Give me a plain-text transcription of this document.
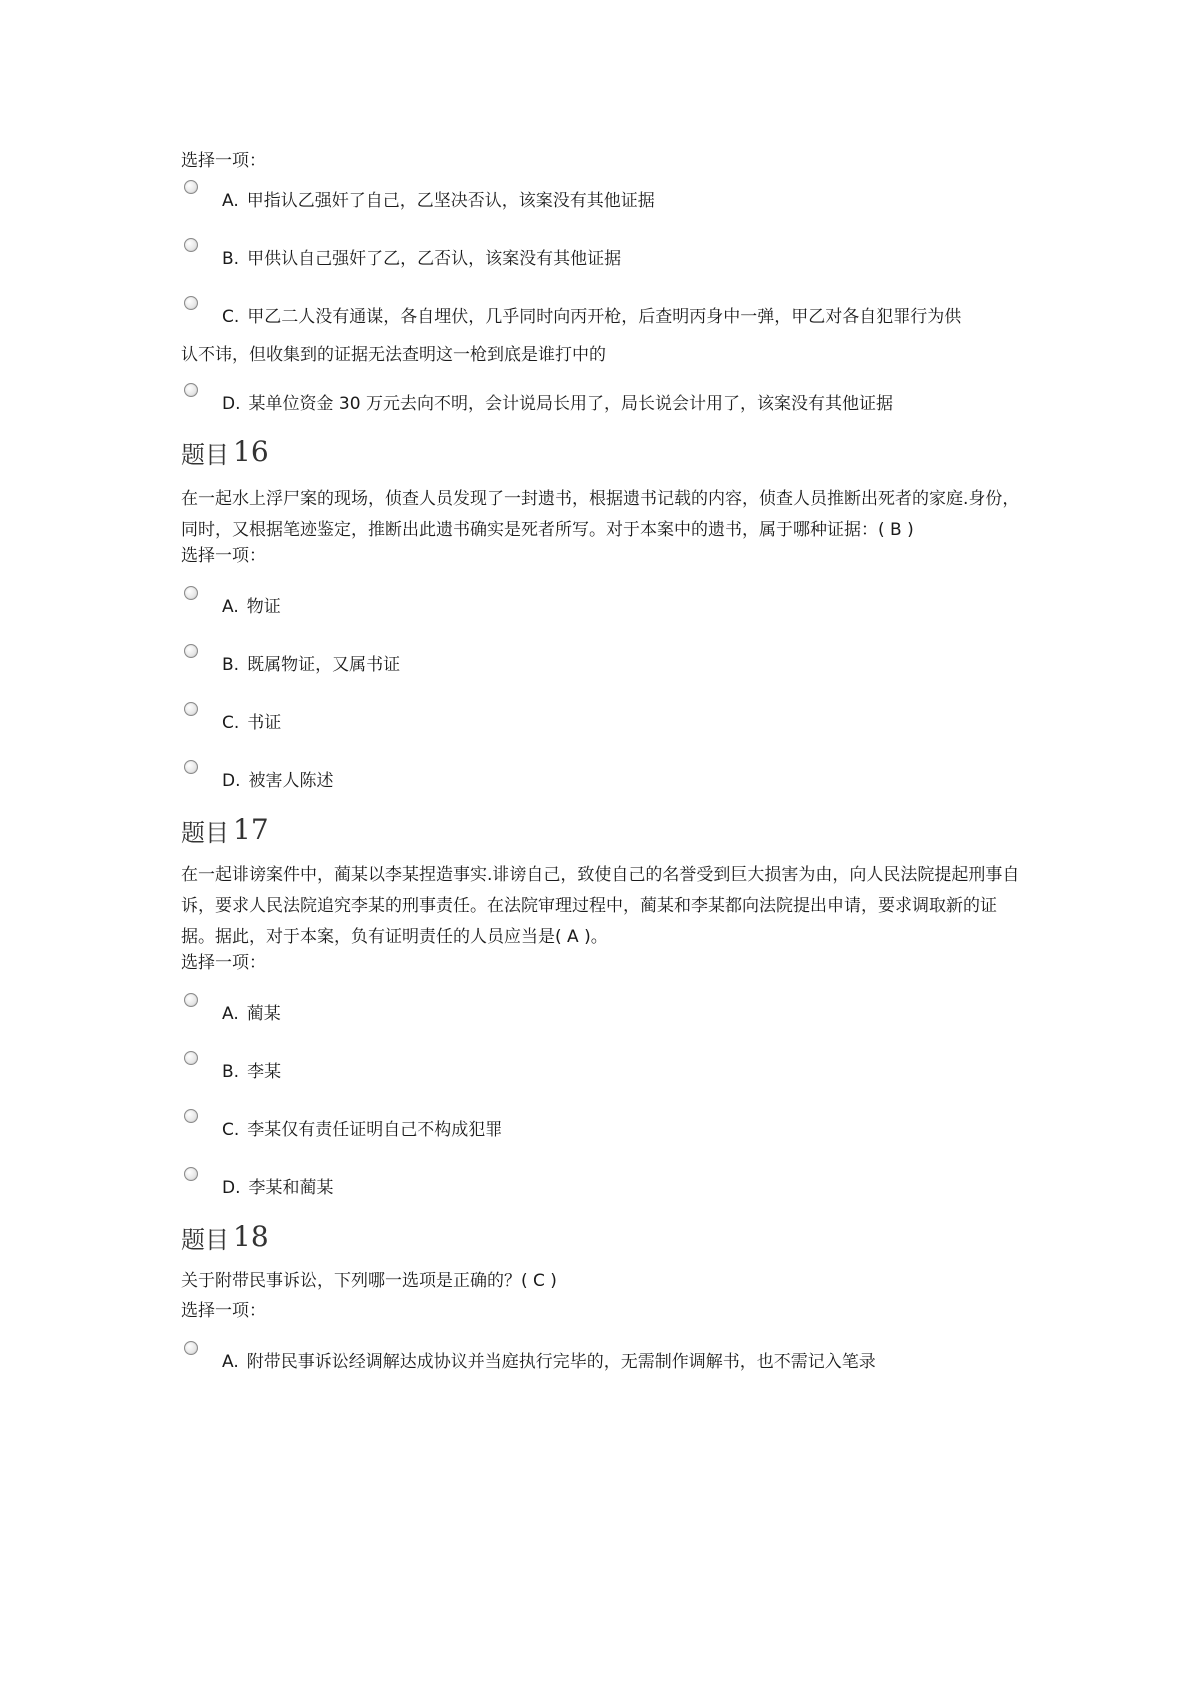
选择一项：

A. 甲指认乙强奸了自己，乙坚决否认，该案没有其他证据
B. 甲供认自己强奸了乙，乙否认，该案没有其他证据
C. 甲乙二人没有通谋，各自埋伏，几乎同时向丙开枪，后查明丙身中一弹，甲乙对各自犯罪行为供
认不讳，但收集到的证据无法查明这一枪到底是谁打中的
D. 某单位资金 30 万元去向不明，会计说局长用了，局长说会计用了，该案没有其他证据
题目 16

在一起水上浮尸案的现场，侦查人员发现了一封遗书，根据遗书记载的内容，侦查人员推断出死者的家庭.身份，同时，又根据笔迹鉴定，推断出此遗书确实是死者所写。对于本案中的遗书，属于哪种证据：( B )

选择一项：

A. 物证
B. 既属物证，又属书证
C. 书证
D. 被害人陈述
题目 17

在一起诽谤案件中，蔺某以李某捏造事实.诽谤自己，致使自己的名誉受到巨大损害为由，向人民法院提起刑事自诉，要求人民法院追究李某的刑事责任。在法院审理过程中，蔺某和李某都向法院提出申请，要求调取新的证据。据此，对于本案，负有证明责任的人员应当是( A )。

选择一项：

A. 蔺某
B. 李某
C. 李某仅有责任证明自己不构成犯罪
D. 李某和蔺某
题目 18

关于附带民事诉讼，下列哪一选项是正确的？( C )

选择一项：

A. 附带民事诉讼经调解达成协议并当庭执行完毕的，无需制作调解书，也不需记入笔录
